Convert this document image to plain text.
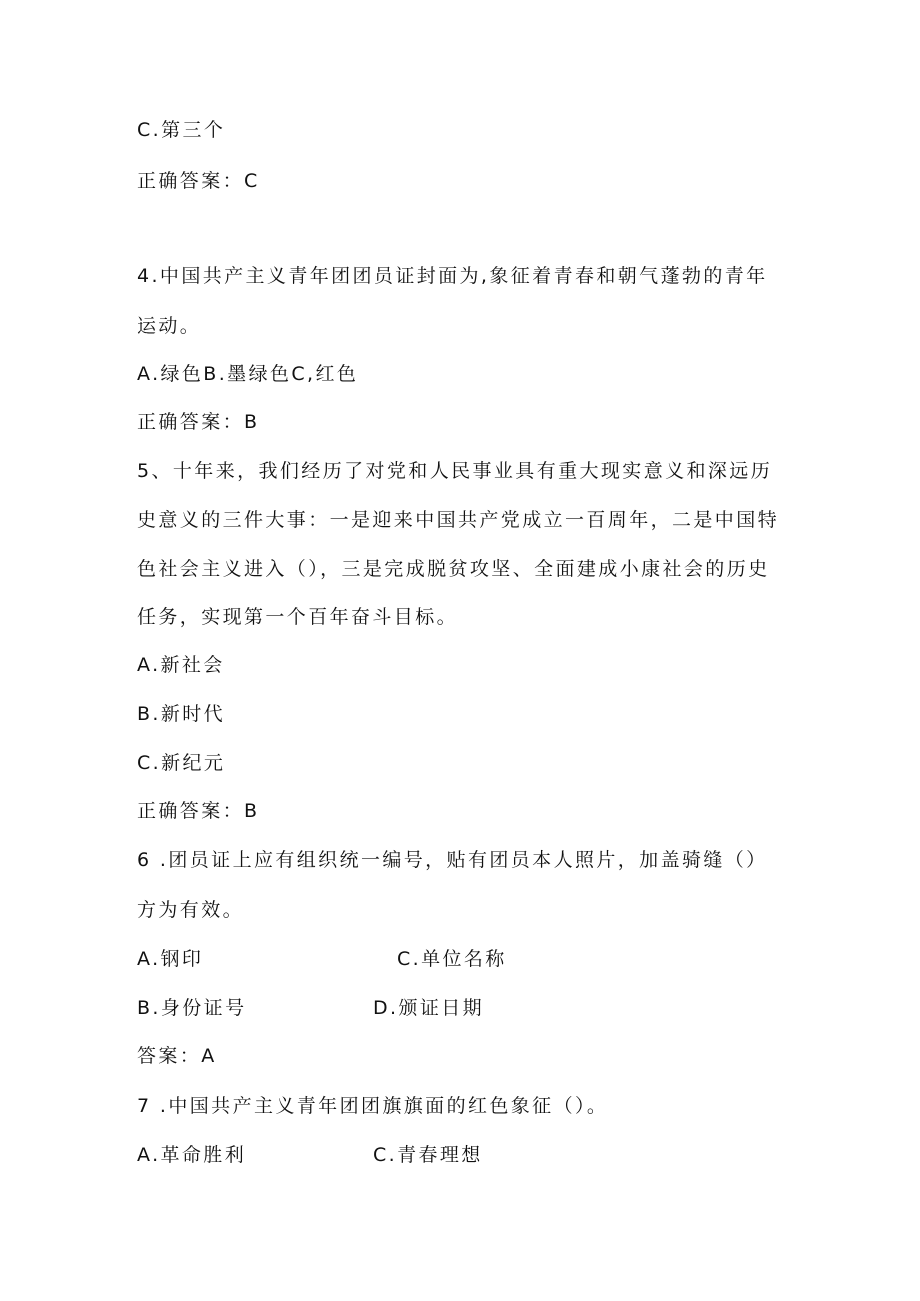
C.第三个
正确答案：C
4.中国共产主义青年团团员证封面为,象征着青春和朝气蓬勃的青年
运动。
A.绿色B.墨绿色C,红色
正确答案：B
5、十年来，我们经历了对党和人民事业具有重大现实意义和深远历
史意义的三件大事：一是迎来中国共产党成立一百周年，二是中国特
色社会主义进入（），三是完成脱贫攻坚、全面建成小康社会的历史
任务，实现第一个百年奋斗目标。
A.新社会
B.新时代
C.新纪元
正确答案：B
6 .团员证上应有组织统一编号，贴有团员本人照片，加盖骑缝（）
方为有效。
A.钢印	C.单位名称
B.身份证号	D.颁证日期
答案：A
7 .中国共产主义青年团团旗旗面的红色象征（）。
A.革命胜利	C.青春理想
